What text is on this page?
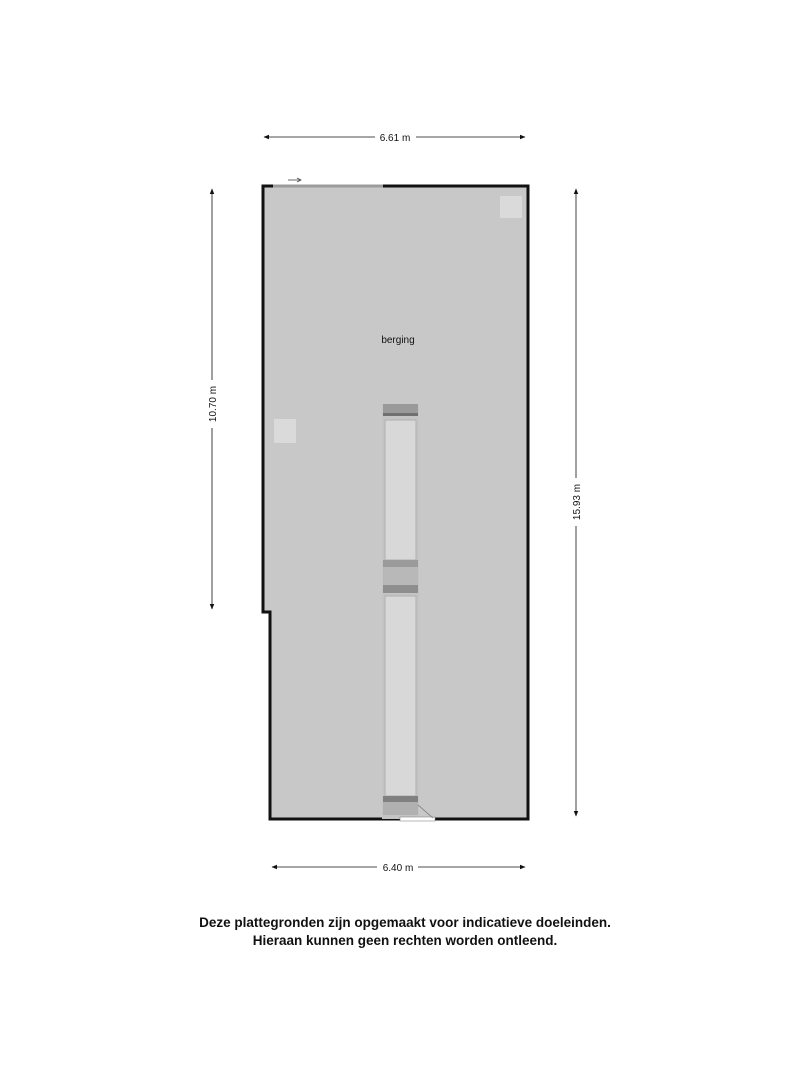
berging
6.61 m
6.40 m
10.70 m
15.93 m
Deze plattegronden zijn opgemaakt voor indicatieve doeleinden.
Hieraan kunnen geen rechten worden ontleend.
